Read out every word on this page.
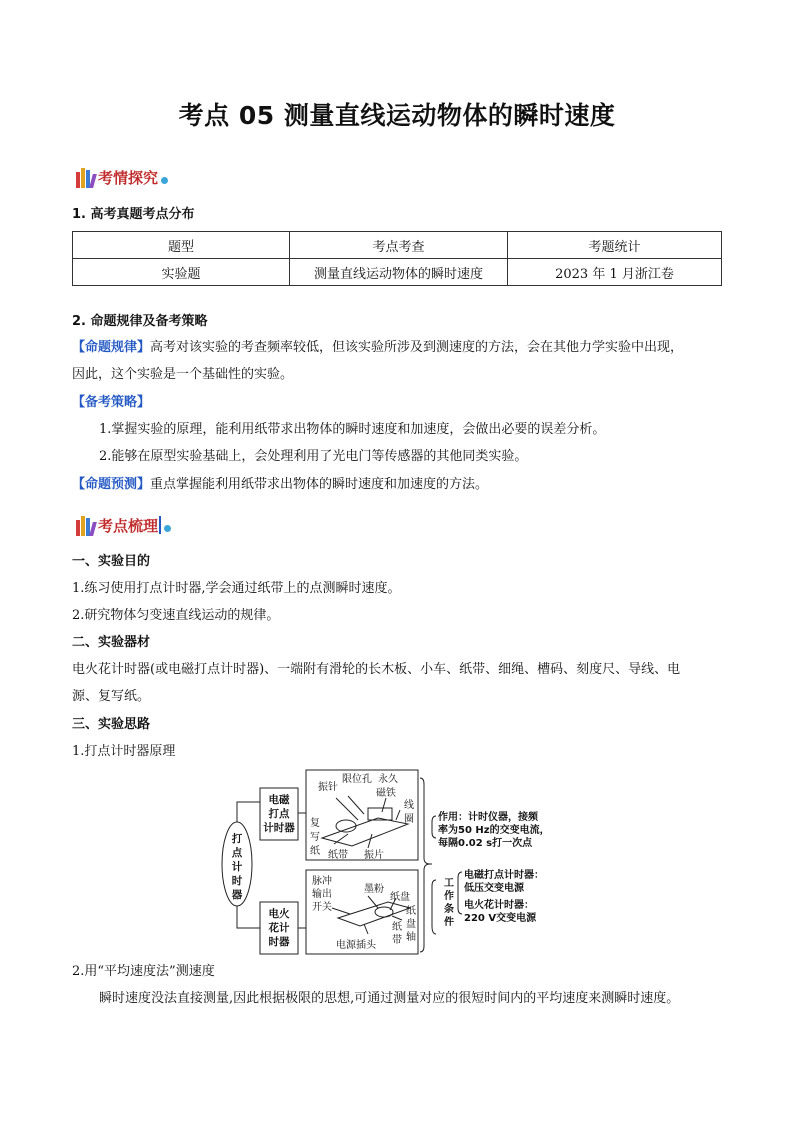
考点 05 测量直线运动物体的瞬时速度
考情探究
1. 高考真题考点分布
题型	考点考查	考题统计
实验题	测量直线运动物体的瞬时速度	2023 年 1 月浙江卷
2. 命题规律及备考策略
【命题规律】高考对该实验的考查频率较低，但该实验所涉及到测速度的方法，会在其他力学实验中出现，
因此，这个实验是一个基础性的实验。
【备考策略】
1.掌握实验的原理，能利用纸带求出物体的瞬时速度和加速度，会做出必要的误差分析。
2.能够在原型实验基础上，会处理利用了光电门等传感器的其他同类实验。
【命题预测】重点掌握能利用纸带求出物体的瞬时速度和加速度的方法。
考点梳理
一、实验目的
1.练习使用打点计时器,学会通过纸带上的点测瞬时速度。
2.研究物体匀变速直线运动的规律。
二、实验器材
电火花计时器(或电磁打点计时器)、一端附有滑轮的长木板、小车、纸带、细绳、槽码、刻度尺、导线、电
源、复写纸。
三、实验思路
1.打点计时器原理
打
点
计
时
器
电磁
打点
计时器
电火
花计
时器
振针
限位孔 永久
磁铁
线
圈
复
写
纸 纸带 振片
脉冲
输出
开关
墨粉
纸盘
纸
盘
轴
纸
带
电源插头
作用：计时仪器，接频
率为50 Hz的交变电流，
每隔0.02 s打一次点
工
作
条
件
电磁打点计时器：
低压交变电源
电火花计时器：
220 V交变电源
2.用“平均速度法”测速度
瞬时速度没法直接测量,因此根据极限的思想,可通过测量对应的很短时间内的平均速度来测瞬时速度。
